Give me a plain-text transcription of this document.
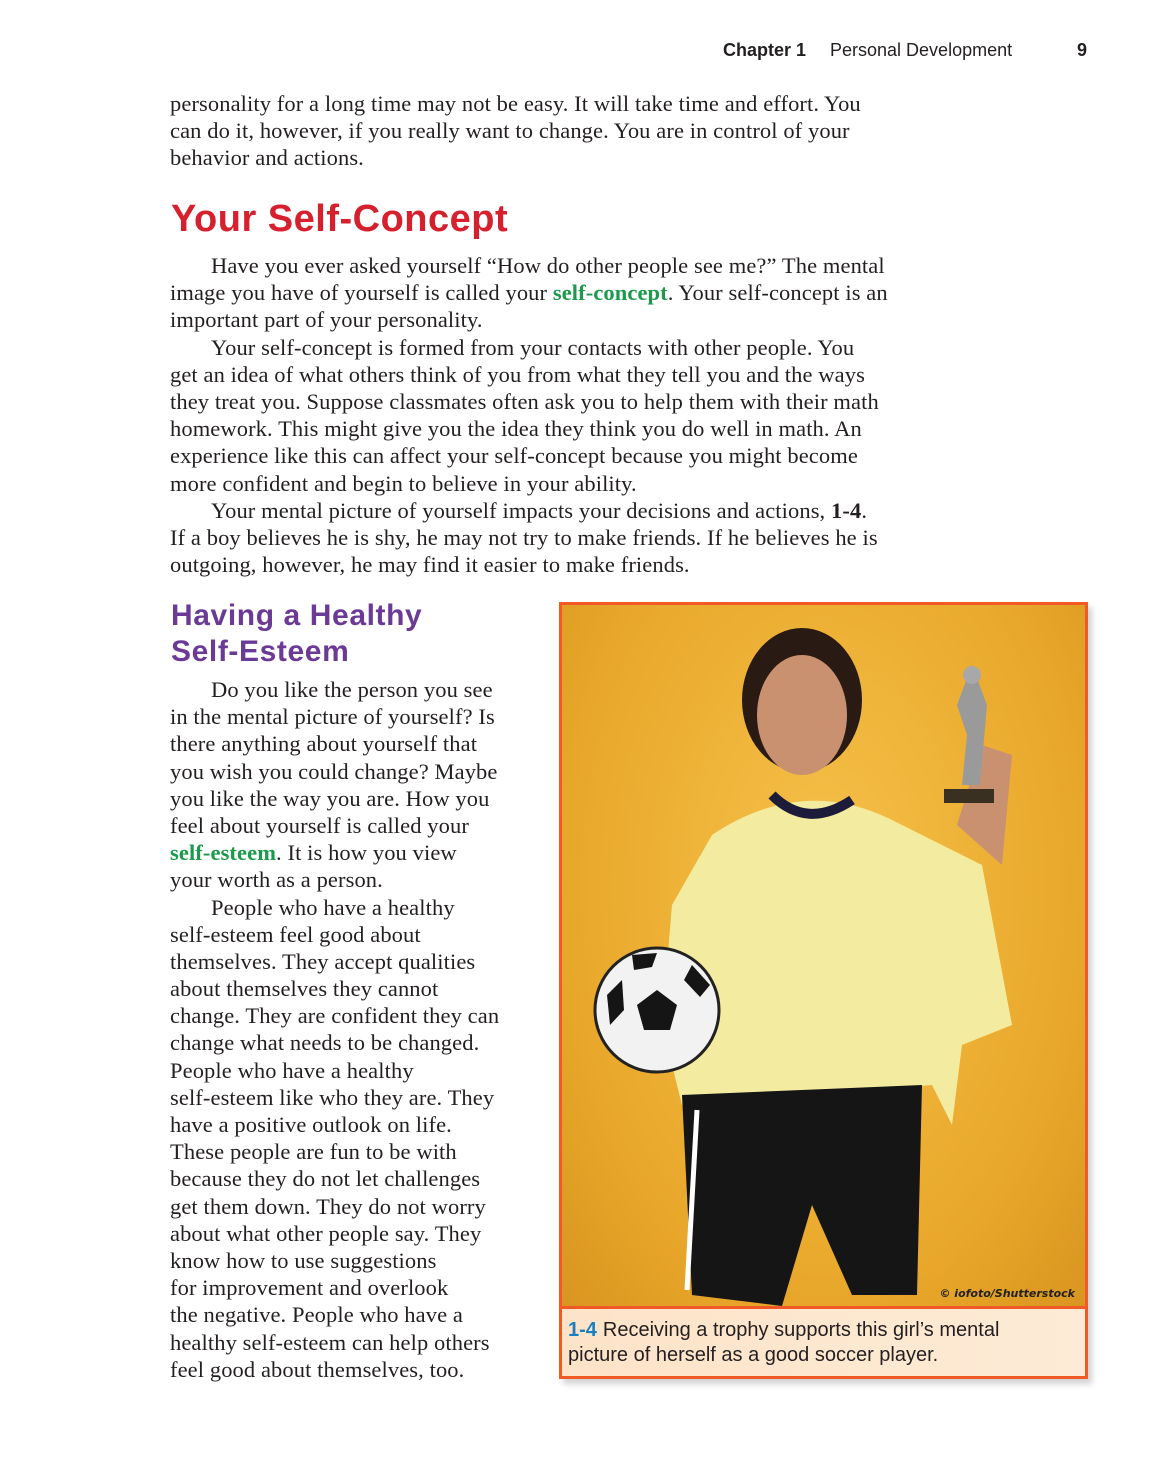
Chapter 1 Personal Development	9
personality for a long time may not be easy. It will take time and effort. You
can do it, however, if you really want to change. You are in control of your
behavior and actions.
Your Self-Concept
Have you ever asked yourself “How do other people see me?” The mental
image you have of yourself is called your self-concept. Your self-concept is an
important part of your personality.
Your self-concept is formed from your contacts with other people. You
get an idea of what others think of you from what they tell you and the ways
they treat you. Suppose classmates often ask you to help them with their math
homework. This might give you the idea they think you do well in math. An
experience like this can affect your self-concept because you might become
more confident and begin to believe in your ability.
Your mental picture of yourself impacts your decisions and actions, 1-4.
If a boy believes he is shy, he may not try to make friends. If he believes he is
outgoing, however, he may find it easier to make friends.
Having a Healthy
Self-Esteem
Do you like the person you see
in the mental picture of yourself? Is
there anything about yourself that
you wish you could change? Maybe
you like the way you are. How you
feel about yourself is called your
self-esteem. It is how you view
your worth as a person.
People who have a healthy
self-esteem feel good about
themselves. They accept qualities
about themselves they cannot
change. They are confident they can
change what needs to be changed.
People who have a healthy
self-esteem like who they are. They
have a positive outlook on life.
These people are fun to be with
because they do not let challenges
get them down. They do not worry
about what other people say. They
know how to use suggestions
for improvement and overlook
the negative. People who have a
healthy self-esteem can help others
feel good about themselves, too.
© iofoto/Shutterstock
1-4 Receiving a trophy supports this girl’s mental
picture of herself as a good soccer player.
